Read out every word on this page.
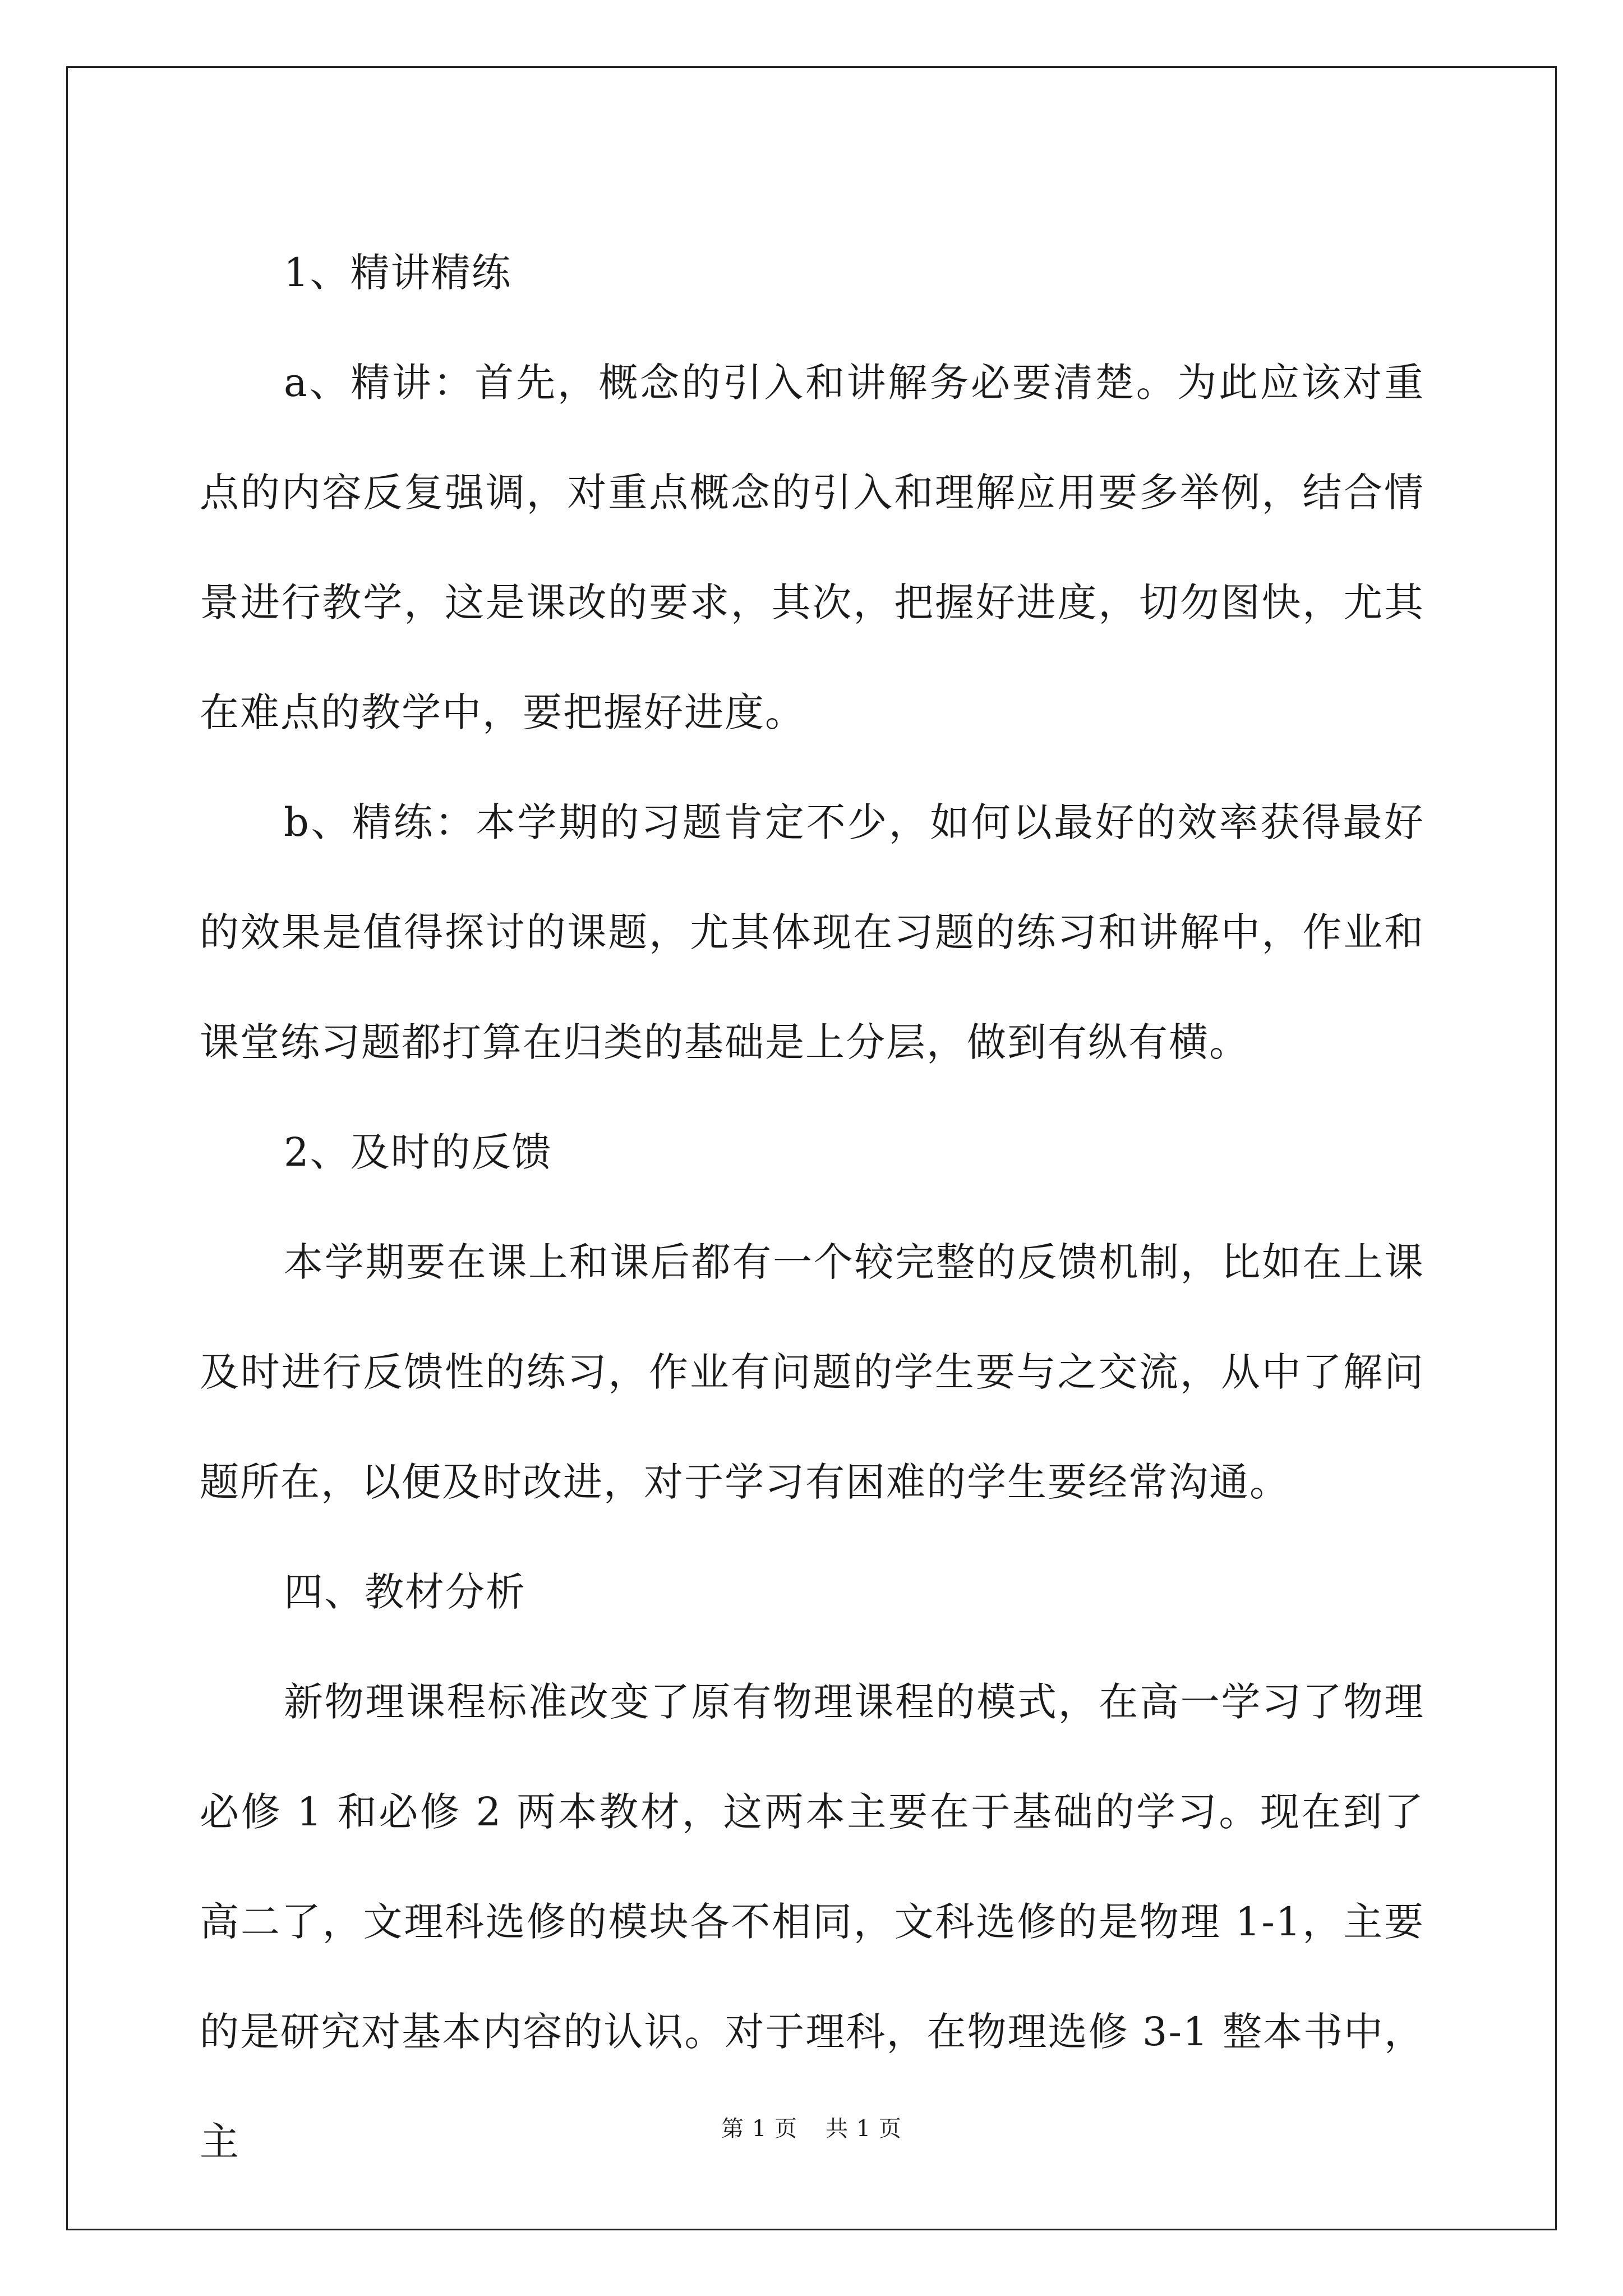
1、精讲精练

a、精讲：首先，概念的引入和讲解务必要清楚。为此应该对重点的内容反复强调，对重点概念的引入和理解应用要多举例，结合情景进行教学，这是课改的要求，其次，把握好进度，切勿图快，尤其在难点的教学中，要把握好进度。

b、精练：本学期的习题肯定不少，如何以最好的效率获得最好的效果是值得探讨的课题，尤其体现在习题的练习和讲解中，作业和课堂练习题都打算在归类的基础是上分层，做到有纵有横。

2、及时的反馈

本学期要在课上和课后都有一个较完整的反馈机制，比如在上课及时进行反馈性的练习，作业有问题的学生要与之交流，从中了解问题所在，以便及时改进，对于学习有困难的学生要经常沟通。

四、教材分析

新物理课程标准改变了原有物理课程的模式，在高一学习了物理必修 1 和必修 2 两本教材，这两本主要在于基础的学习。现在到了高二了，文理科选修的模块各不相同，文科选修的是物理 1-1，主要的是研究对基本内容的认识。对于理科，在物理选修 3-1 整本书中，主	第 1 页 共 1 页
